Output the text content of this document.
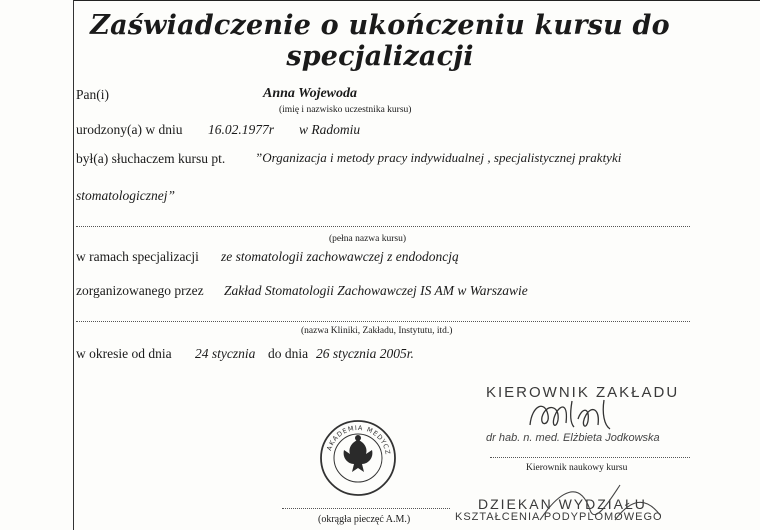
Zaświadczenie o ukończeniu kursu do specjalizacji
Pan(i)	Anna Wojewoda
(imię i nazwisko uczestnika kursu)
urodzony(a) w dniu 16.02.1977r w Radomiu
był(a) słuchaczem kursu pt. ”Organizacja i metody pracy indywidualnej , specjalistycznej praktyki
stomatologicznej”
(pełna nazwa kursu)
w ramach specjalizacji ze stomatologii zachowawczej z endodoncją
zorganizowanego przez Zakład Stomatologii Zachowawczej IS AM w Warszawie
(nazwa Kliniki, Zakładu, Instytutu, itd.)
w okresie od dnia 24 stycznia do dnia 26 stycznia 2005r.
KIEROWNIK ZAKŁADU
dr hab. n. med. Elżbieta Jodkowska
Kierownik naukowy kursu
DZIEKAN WYDZIAŁU
KSZTAŁCENIA PODYPLOMOWEGO
AKADEMIA MEDYCZNA
(okrągła pieczęć A.M.)
